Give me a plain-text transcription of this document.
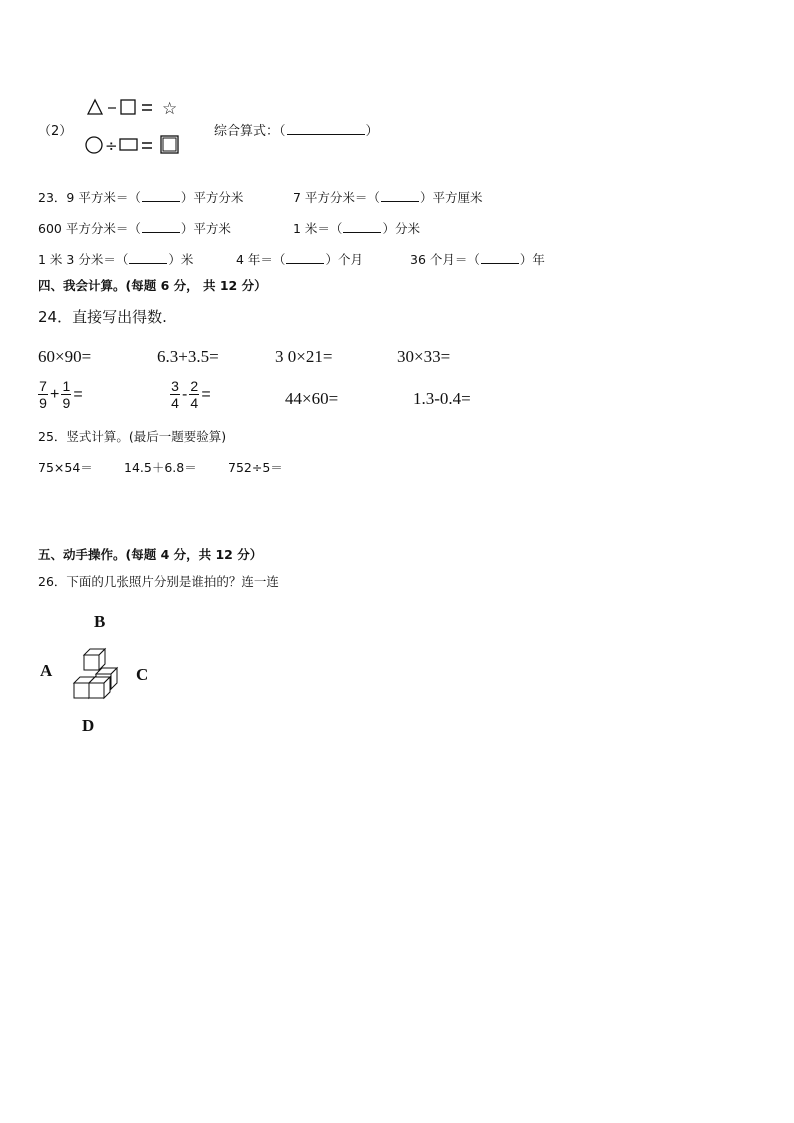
（2）
☆
÷
综合算式：（	）
23．9 平方米＝（	）平方分米	7 平方分米＝（	）平方厘米
600 平方分米＝（	）平方米	1 米＝（	）分米
1 米 3 分米＝（	）米	4 年＝（	）个月	36 个月＝（	）年
四、我会计算。(每题 6 分， 共 12 分）
24．直接写出得数.
60×90=	6.3+3.5=	3 0×21=	30×33=
$\frac{7}{9} + \frac{1}{9}$ =	$\frac{3}{4} - \frac{2}{4}$ =	44×60=	1.3-0.4=
25．竖式计算。(最后一题要验算)
75×54＝ 14.5＋6.8＝	752÷5＝
五、动手操作。(每题 4 分，共 12 分）
26．下面的几张照片分别是谁拍的？连一连
B
A	C
D
